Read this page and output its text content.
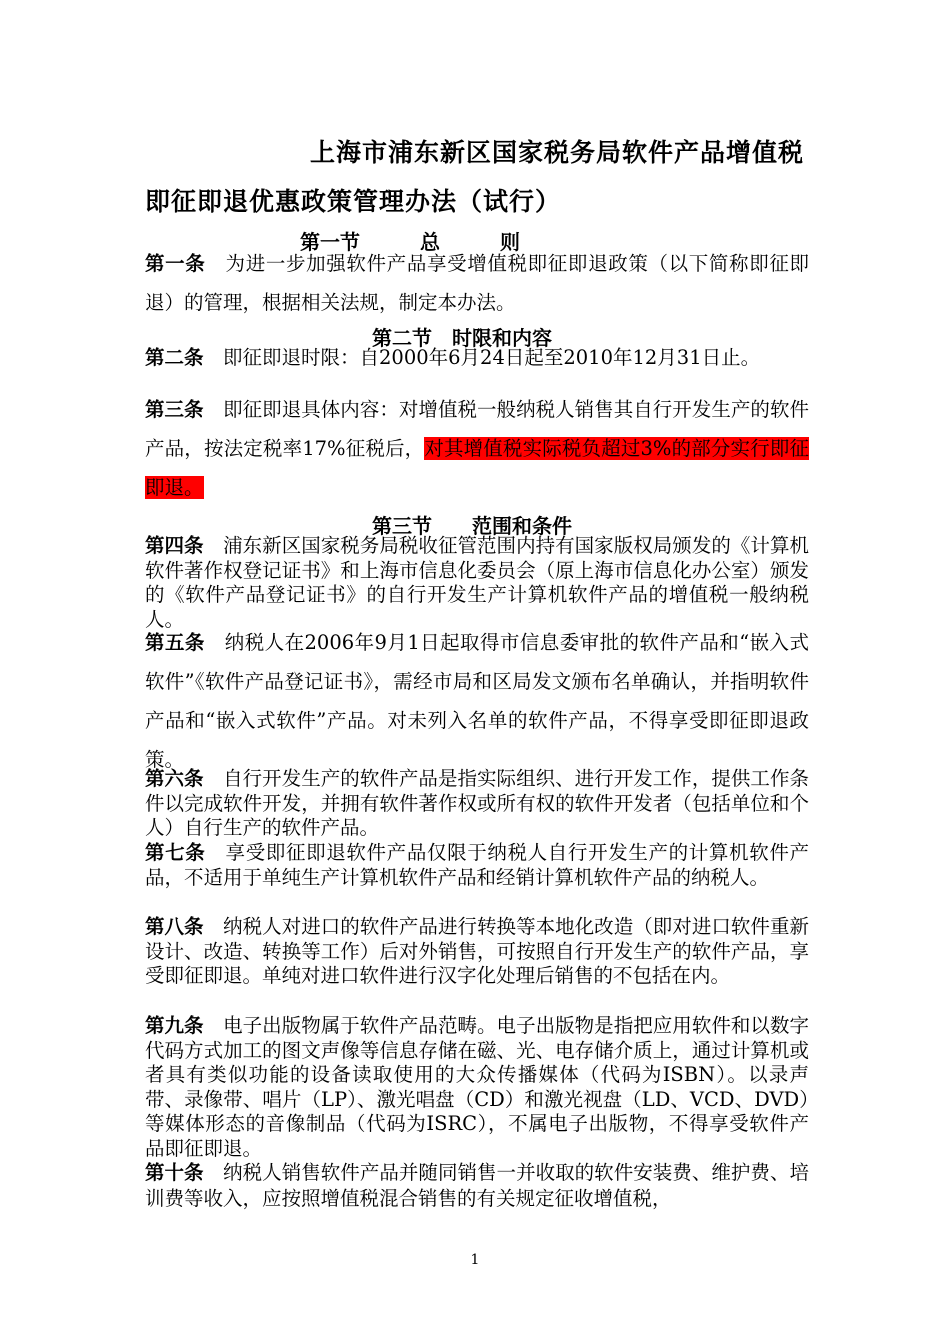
上海市浦东新区国家税务局软件产品增值税
即征即退优惠政策管理办法（试行）
第一节　　　总　　　则
第一条　为进一步加强软件产品享受增值税即征即退政策（以下简称即征即退）的管理，根据相关法规，制定本办法。
第二节　时限和内容
第二条　即征即退时限：自2000年6月24日起至2010年12月31日止。
第三条　即征即退具体内容：对增值税一般纳税人销售其自行开发生产的软件产品，按法定税率17%征税后，对其增值税实际税负超过3%的部分实行即征即退。
第三节　　范围和条件
第四条　浦东新区国家税务局税收征管范围内持有国家版权局颁发的《计算机软件著作权登记证书》和上海市信息化委员会（原上海市信息化办公室）颁发的《软件产品登记证书》的自行开发生产计算机软件产品的增值税一般纳税人。
第五条　纳税人在2006年9月1日起取得市信息委审批的软件产品和“嵌入式软件”《软件产品登记证书》，需经市局和区局发文颁布名单确认，并指明软件产品和“嵌入式软件”产品。对未列入名单的软件产品，不得享受即征即退政策。
第六条　自行开发生产的软件产品是指实际组织、进行开发工作，提供工作条件以完成软件开发，并拥有软件著作权或所有权的软件开发者（包括单位和个人）自行生产的软件产品。
第七条　享受即征即退软件产品仅限于纳税人自行开发生产的计算机软件产品，不适用于单纯生产计算机软件产品和经销计算机软件产品的纳税人。
第八条　纳税人对进口的软件产品进行转换等本地化改造（即对进口软件重新设计、改造、转换等工作）后对外销售，可按照自行开发生产的软件产品，享受即征即退。单纯对进口软件进行汉字化处理后销售的不包括在内。
第九条　电子出版物属于软件产品范畴。电子出版物是指把应用软件和以数字代码方式加工的图文声像等信息存储在磁、光、电存储介质上，通过计算机或者具有类似功能的设备读取使用的大众传播媒体（代码为ISBN）。以录声带、录像带、唱片（LP）、激光唱盘（CD）和激光视盘（LD、VCD、DVD）等媒体形态的音像制品（代码为ISRC），不属电子出版物，不得享受软件产品即征即退。
第十条　纳税人销售软件产品并随同销售一并收取的软件安装费、维护费、培训费等收入，应按照增值税混合销售的有关规定征收增值税，
1
